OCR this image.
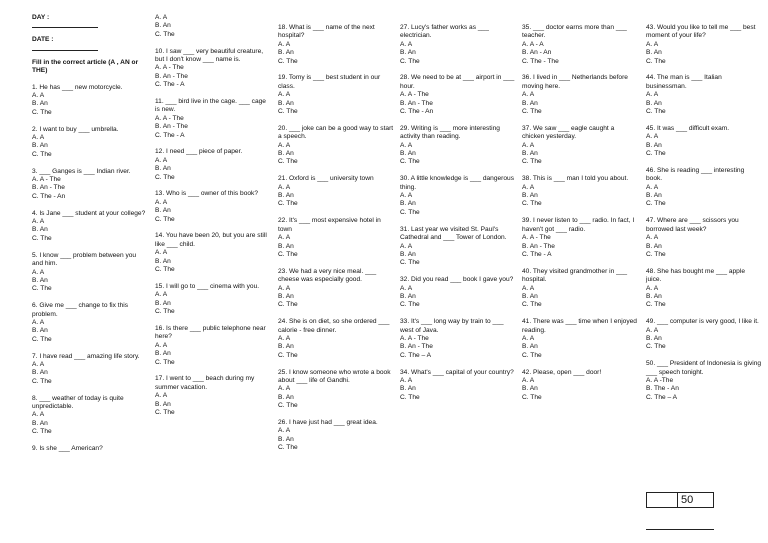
DAY :
DATE :
Fill in the correct article (A , AN or THE)

1. He has ___ new motorcycle.

A. A

B. An

C. The

2. I want to buy ___ umbrella.

A. A

B. An

C. The

3. ___ Ganges is ___ Indian river.

A. A - The

B. An - The

C. The - An

4. Is Jane ___ student at your college?

A. A

B. An

C. The

5. I know ___ problem between you and him.

A. A

B. An

C. The

6. Give me ___ change to fix this problem.

A. A

B. An

C. The

7. I have read ___ amazing life story.

A. A

B. An

C. The

8. ___ weather of today is quite unpredictable.

A. A

B. An

C. The

9. Is she ___ American?

A. A

B. An

C. The

10. I saw ___ very beautiful creature, but I don't know ___ name is.

A. A - The

B. An - The

C. The - A

11. ___ bird live in the cage. ___ cage is new.

A. A - The

B. An - The

C. The - A

12. I need ___ piece of paper.

A. A

B. An

C. The

13. Who is ___ owner of this book?

A. A

B. An

C. The

14. You have been 20, but you are still like ___ child.

A. A

B. An

C. The

15. I will go to ___ cinema with you.

A. A

B. An

C. The

16. Is there ___ public telephone near here?

A. A

B. An

C. The

17. I went to ___ beach during my summer vacation.

A. A

B. An

C. The

18. What is ___ name of the next hospital?

A. A

B. An

C. The

19. Tomy is ___ best student in our class.

A. A

B. An

C. The

20. ___ joke can be a good way to start a speech.

A. A

B. An

C. The

21. Oxford is ___ university town

A. A

B. An

C. The

22. It's ___ most expensive hotel in town

A. A

B. An

C. The

23. We had a very nice meal. ___ cheese was especially good.

A. A

B. An

C. The

24. She is on diet, so she ordered ___ calorie - free dinner.

A. A

B. An

C. The

25. I know someone who wrote a book about ___ life of Gandhi.

A. A

B. An

C. The

26. I have just had ___ great idea.

A. A

B. An

C. The

27. Lucy's father works as ___ electrician.

A. A

B. An

C. The

28. We need to be at ___ airport in ___ hour.

A. A - The

B. An - The

C. The - An

29. Writing is ___ more interesting activity than reading.

A. A

B. An

C. The

30. A little knowledge is ___ dangerous thing.

A. A

B. An

C. The

31. Last year we visited St. Paul's Cathedral and ___ Tower of London.

A. A

B. An

C. The

32. Did you read ___ book I gave you?

A. A

B. An

C. The

33. It's ___ long way by train to ___ west of Java.

A. A - The

B. An - The

C. The – A

34. What's ___ capital of your country?

A. A

B. An

C. The

35. ___ doctor earns more than ___ teacher.

A. A - A

B. An - An

C. The - The

36. I lived in ___ Netherlands before moving here.

A. A

B. An

C. The

37. We saw ___ eagle caught a chicken yesterday.

A. A

B. An

C. The

38. This is ___ man I told you about.

A. A

B. An

C. The

39. I never listen to ___ radio. In fact, I haven't got ___ radio.

A. A - The

B. An - The

C. The - A

40. They visited grandmother in ___ hospital.

A. A

B. An

C. The

41. There was ___ time when I enjoyed reading.

A. A

B. An

C. The

42. Please, open ___ door!

A. A

B. An

C. The

43. Would you like to tell me ___ best moment of your life?

A. A

B. An

C. The

44. The man is ___ Italian businessman.

A. A

B. An

C. The

45. It was ___ difficult exam.

A. A

B. An

C. The

46. She is reading ___ interesting book.

A. A

B. An

C. The

47. Where are ___ scissors you borrowed last week?

A. A

B. An

C. The

48. She has bought me ___ apple juice.

A. A

B. An

C. The

49. ___ computer is very good, I like it.

A. A

B. An

C. The

50. ___ President of Indonesia is giving ___ speech tonight.

A. A -The

B. The - An

C. The – A

50
